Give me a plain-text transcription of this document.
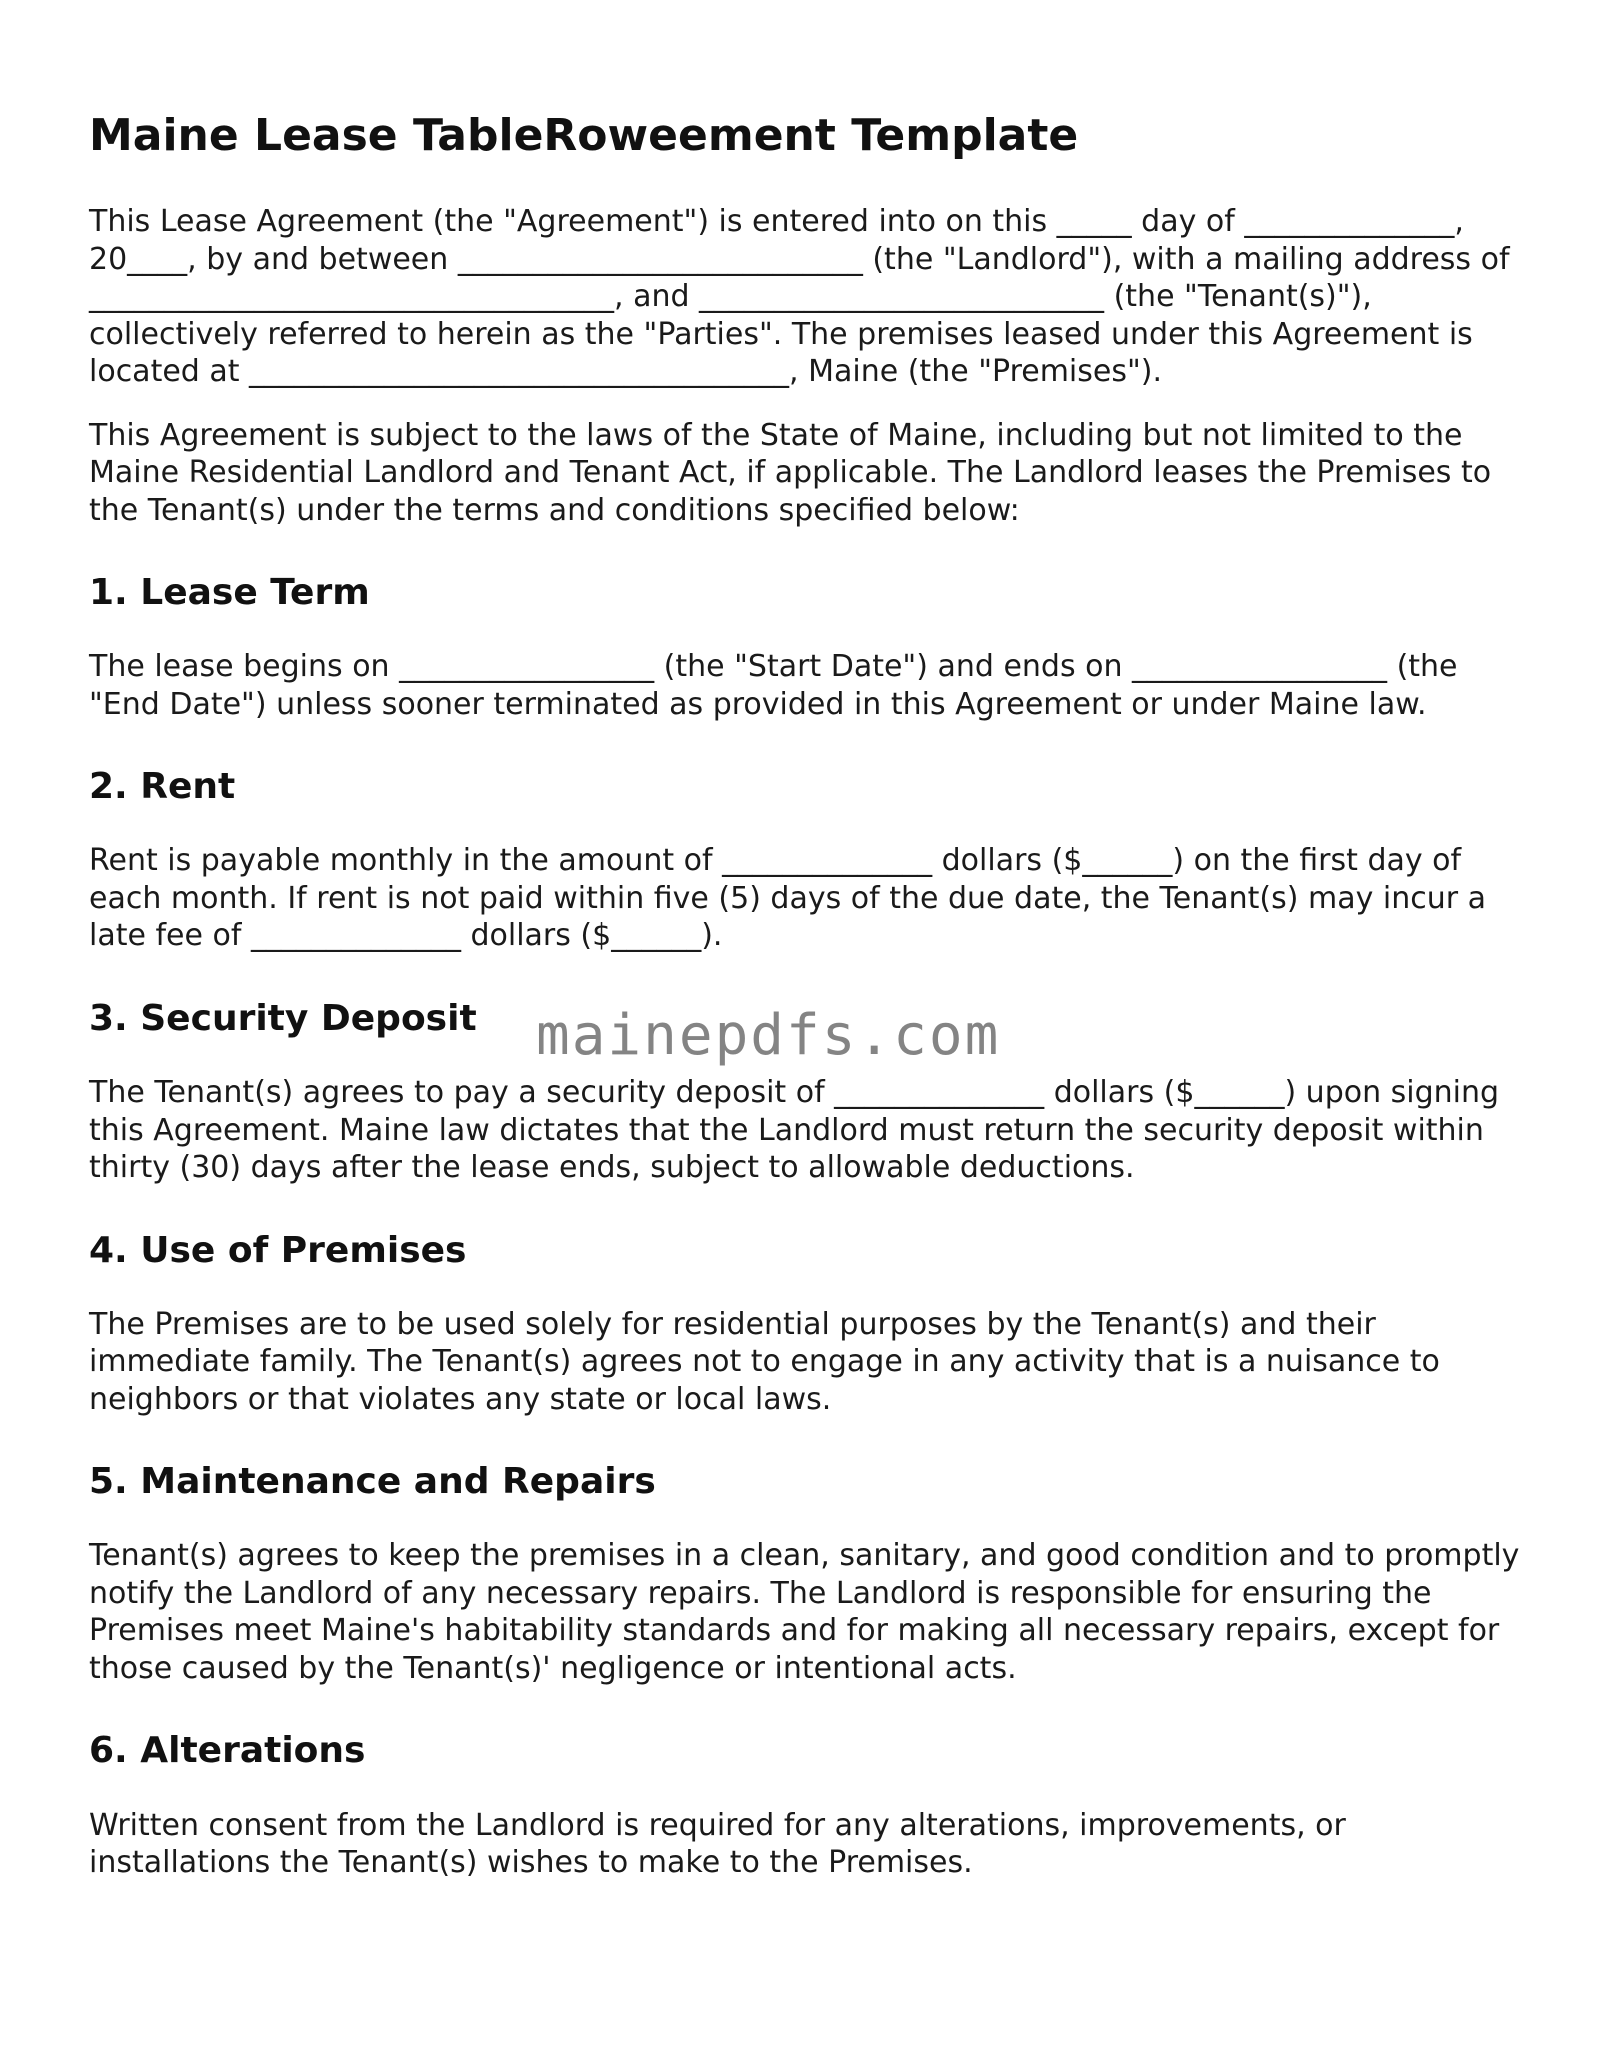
Maine Lease TableRoweement Template

This Lease Agreement (the "Agreement") is entered into on this _____ day of ______________, 20____, by and between ___________________________ (the "Landlord"), with a mailing address of ___________________________________, and ___________________________ (the "Tenant(s)"), collectively referred to herein as the "Parties". The premises leased under this Agreement is located at ____________________________________, Maine (the "Premises").

This Agreement is subject to the laws of the State of Maine, including but not limited to the Maine Residential Landlord and Tenant Act, if applicable. The Landlord leases the Premises to the Tenant(s) under the terms and conditions specified below:

1. Lease Term

The lease begins on _________________ (the "Start Date") and ends on _________________ (the "End Date") unless sooner terminated as provided in this Agreement or under Maine law.

2. Rent

Rent is payable monthly in the amount of ______________ dollars ($______) on the first day of each month. If rent is not paid within five (5) days of the due date, the Tenant(s) may incur a late fee of ______________ dollars ($______).

3. Security Deposit

The Tenant(s) agrees to pay a security deposit of ______________ dollars ($______) upon signing this Agreement. Maine law dictates that the Landlord must return the security deposit within thirty (30) days after the lease ends, subject to allowable deductions.

4. Use of Premises

The Premises are to be used solely for residential purposes by the Tenant(s) and their immediate family. The Tenant(s) agrees not to engage in any activity that is a nuisance to neighbors or that violates any state or local laws.

5. Maintenance and Repairs

Tenant(s) agrees to keep the premises in a clean, sanitary, and good condition and to promptly notify the Landlord of any necessary repairs. The Landlord is responsible for ensuring the Premises meet Maine's habitability standards and for making all necessary repairs, except for those caused by the Tenant(s)' negligence or intentional acts.

6. Alterations

Written consent from the Landlord is required for any alterations, improvements, or installations the Tenant(s) wishes to make to the Premises.

mainepdfs.com
